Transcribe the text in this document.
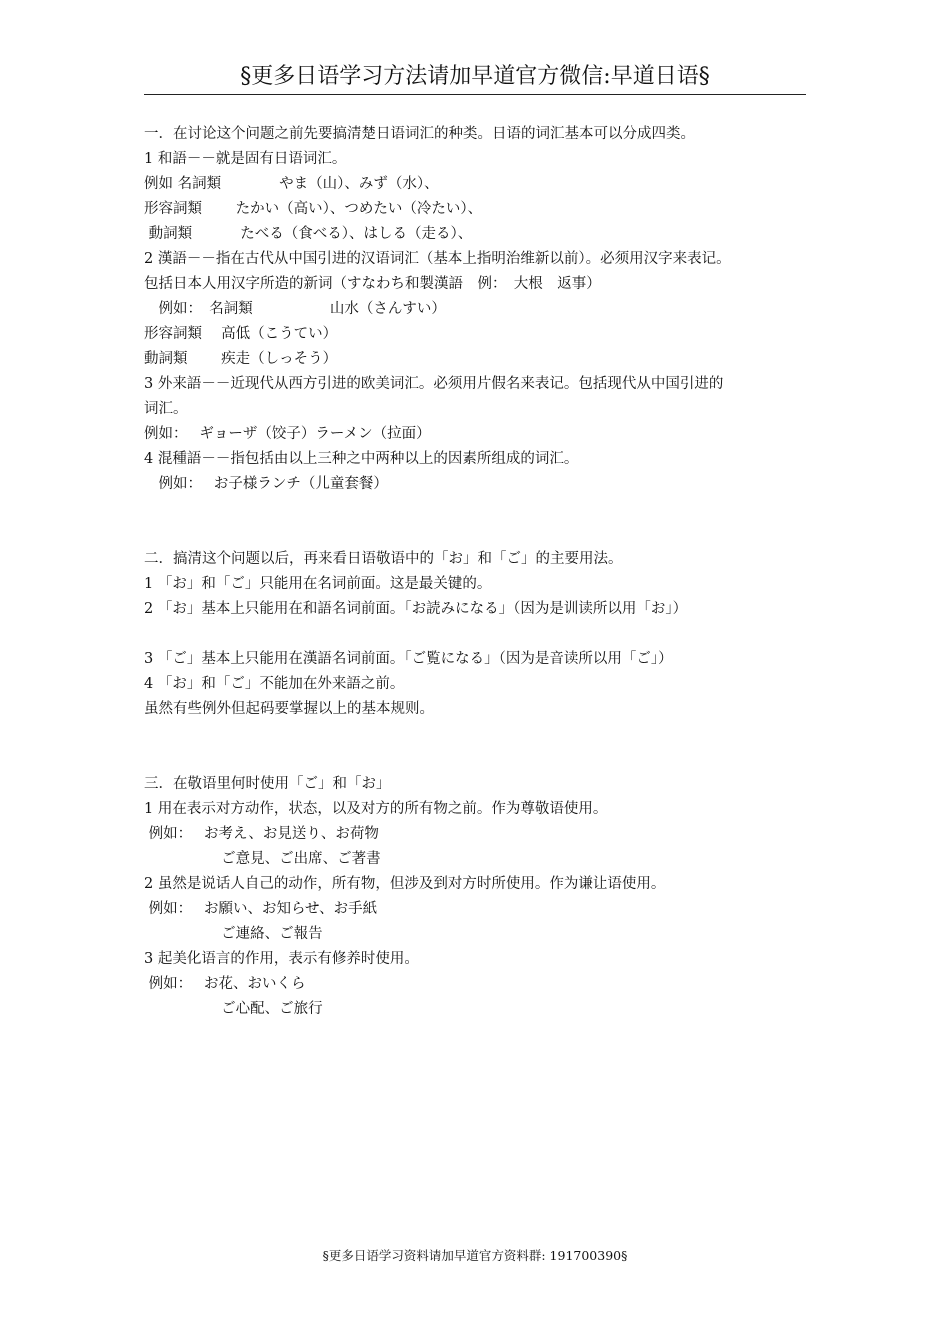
§更多日语学习方法请加早道官方微信:早道日语§
一．在讨论这个问题之前先要搞清楚日语词汇的种类。日语的词汇基本可以分成四类。
1 和語－－就是固有日语词汇。
例如 名詞類　　　　やま（山）、みず（水）、
形容詞類　　 たかい（高い）、つめたい（冷たい）、
動詞類　　　 たべる（食べる）、はしる（走る）、
2 漢語－－指在古代从中国引进的汉语词汇（基本上指明治维新以前）。必须用汉字来表记。
包括日本人用汉字所造的新词（すなわち和製漢語　例：　大根　返事）
　例如：　名詞類　　　　　 山水（さんすい）
形容詞類　 高低（こうてい）
動詞類　　 疾走（しっそう）
3 外来語－－近现代从西方引进的欧美词汇。必须用片假名来表记。包括现代从中国引进的
词汇。
例如：　 ギョーザ（饺子）ラーメン（拉面）
4 混種語－－指包括由以上三种之中两种以上的因素所组成的词汇。
　例如：　 お子様ランチ（儿童套餐）
二．搞清这个问题以后，再来看日语敬语中的「お」和「ご」的主要用法。
1 「お」和「ご」只能用在名词前面。这是最关键的。
2 「お」基本上只能用在和語名词前面。「お読みになる」（因为是训读所以用「お」）
3 「ご」基本上只能用在漢語名词前面。「ご覧になる」（因为是音读所以用「ご」）
4 「お」和「ご」不能加在外来語之前。
虽然有些例外但起码要掌握以上的基本规则。
三．在敬语里何时使用「ご」和「お」
1 用在表示对方动作，状态，以及对方的所有物之前。作为尊敬语使用。
例如：　 お考え、お見送り、お荷物
　　　　　 ご意見、ご出席、ご著書
2 虽然是说话人自己的动作，所有物，但涉及到对方时所使用。作为谦让语使用。
例如：　 お願い、お知らせ、お手紙
　　　　　 ご連絡、ご報告
3 起美化语言的作用，表示有修养时使用。
例如：　 お花、おいくら
　　　　　 ご心配、ご旅行
§更多日语学习资料请加早道官方资料群: 191700390§
